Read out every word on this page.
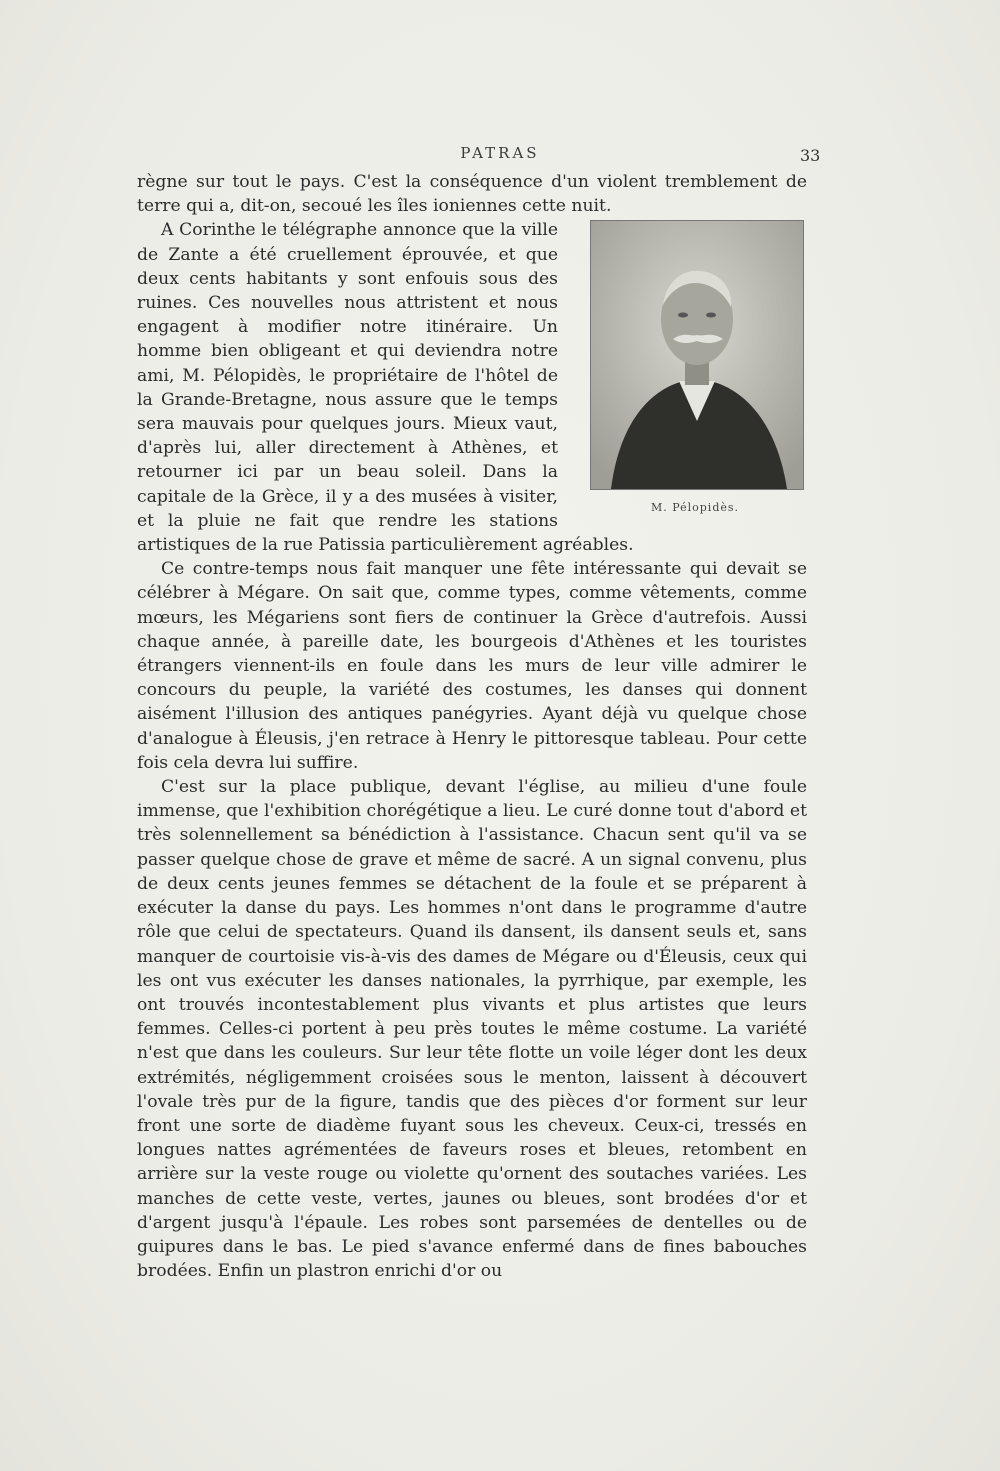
PATRAS	33

règne sur tout le pays. C'est la conséquence d'un violent tremblement de terre qui a, dit-on, secoué les îles ioniennes cette nuit.

M. Pélopidès.

A Corinthe le télégraphe annonce que la ville de Zante a été cruellement éprouvée, et que deux cents habitants y sont enfouis sous des ruines. Ces nouvelles nous attristent et nous engagent à modifier notre itinéraire. Un homme bien obligeant et qui deviendra notre ami, M. Pélopidès, le propriétaire de l'hôtel de la Grande-Bretagne, nous assure que le temps sera mauvais pour quelques jours. Mieux vaut, d'après lui, aller directement à Athènes, et retourner ici par un beau soleil. Dans la capitale de la Grèce, il y a des musées à visiter, et la pluie ne fait que rendre les stations artistiques de la rue Patissia particulièrement agréables.

Ce contre-temps nous fait manquer une fête intéressante qui devait se célébrer à Mégare. On sait que, comme types, comme vêtements, comme mœurs, les Mégariens sont fiers de continuer la Grèce d'autrefois. Aussi chaque année, à pareille date, les bourgeois d'Athènes et les touristes étrangers viennent-ils en foule dans les murs de leur ville admirer le concours du peuple, la variété des costumes, les danses qui donnent aisément l'illusion des antiques panégyries. Ayant déjà vu quelque chose d'analogue à Éleusis, j'en retrace à Henry le pittoresque tableau. Pour cette fois cela devra lui suffire.

C'est sur la place publique, devant l'église, au milieu d'une foule immense, que l'exhibition chorégétique a lieu. Le curé donne tout d'abord et très solennellement sa bénédiction à l'assistance. Chacun sent qu'il va se passer quelque chose de grave et même de sacré. A un signal convenu, plus de deux cents jeunes femmes se détachent de la foule et se préparent à exécuter la danse du pays. Les hommes n'ont dans le programme d'autre rôle que celui de spectateurs. Quand ils dansent, ils dansent seuls et, sans manquer de courtoisie vis-à-vis des dames de Mégare ou d'Éleusis, ceux qui les ont vus exécuter les danses nationales, la pyrrhique, par exemple, les ont trouvés incontestablement plus vivants et plus artistes que leurs femmes. Celles-ci portent à peu près toutes le même costume. La variété n'est que dans les couleurs. Sur leur tête flotte un voile léger dont les deux extrémités, négligemment croisées sous le menton, laissent à découvert l'ovale très pur de la figure, tandis que des pièces d'or forment sur leur front une sorte de diadème fuyant sous les cheveux. Ceux-ci, tressés en longues nattes agrémentées de faveurs roses et bleues, retombent en arrière sur la veste rouge ou violette qu'ornent des soutaches variées. Les manches de cette veste, vertes, jaunes ou bleues, sont brodées d'or et d'argent jusqu'à l'épaule. Les robes sont parsemées de dentelles ou de guipures dans le bas. Le pied s'avance enfermé dans de fines babouches brodées. Enfin un plastron enrichi d'or ou
